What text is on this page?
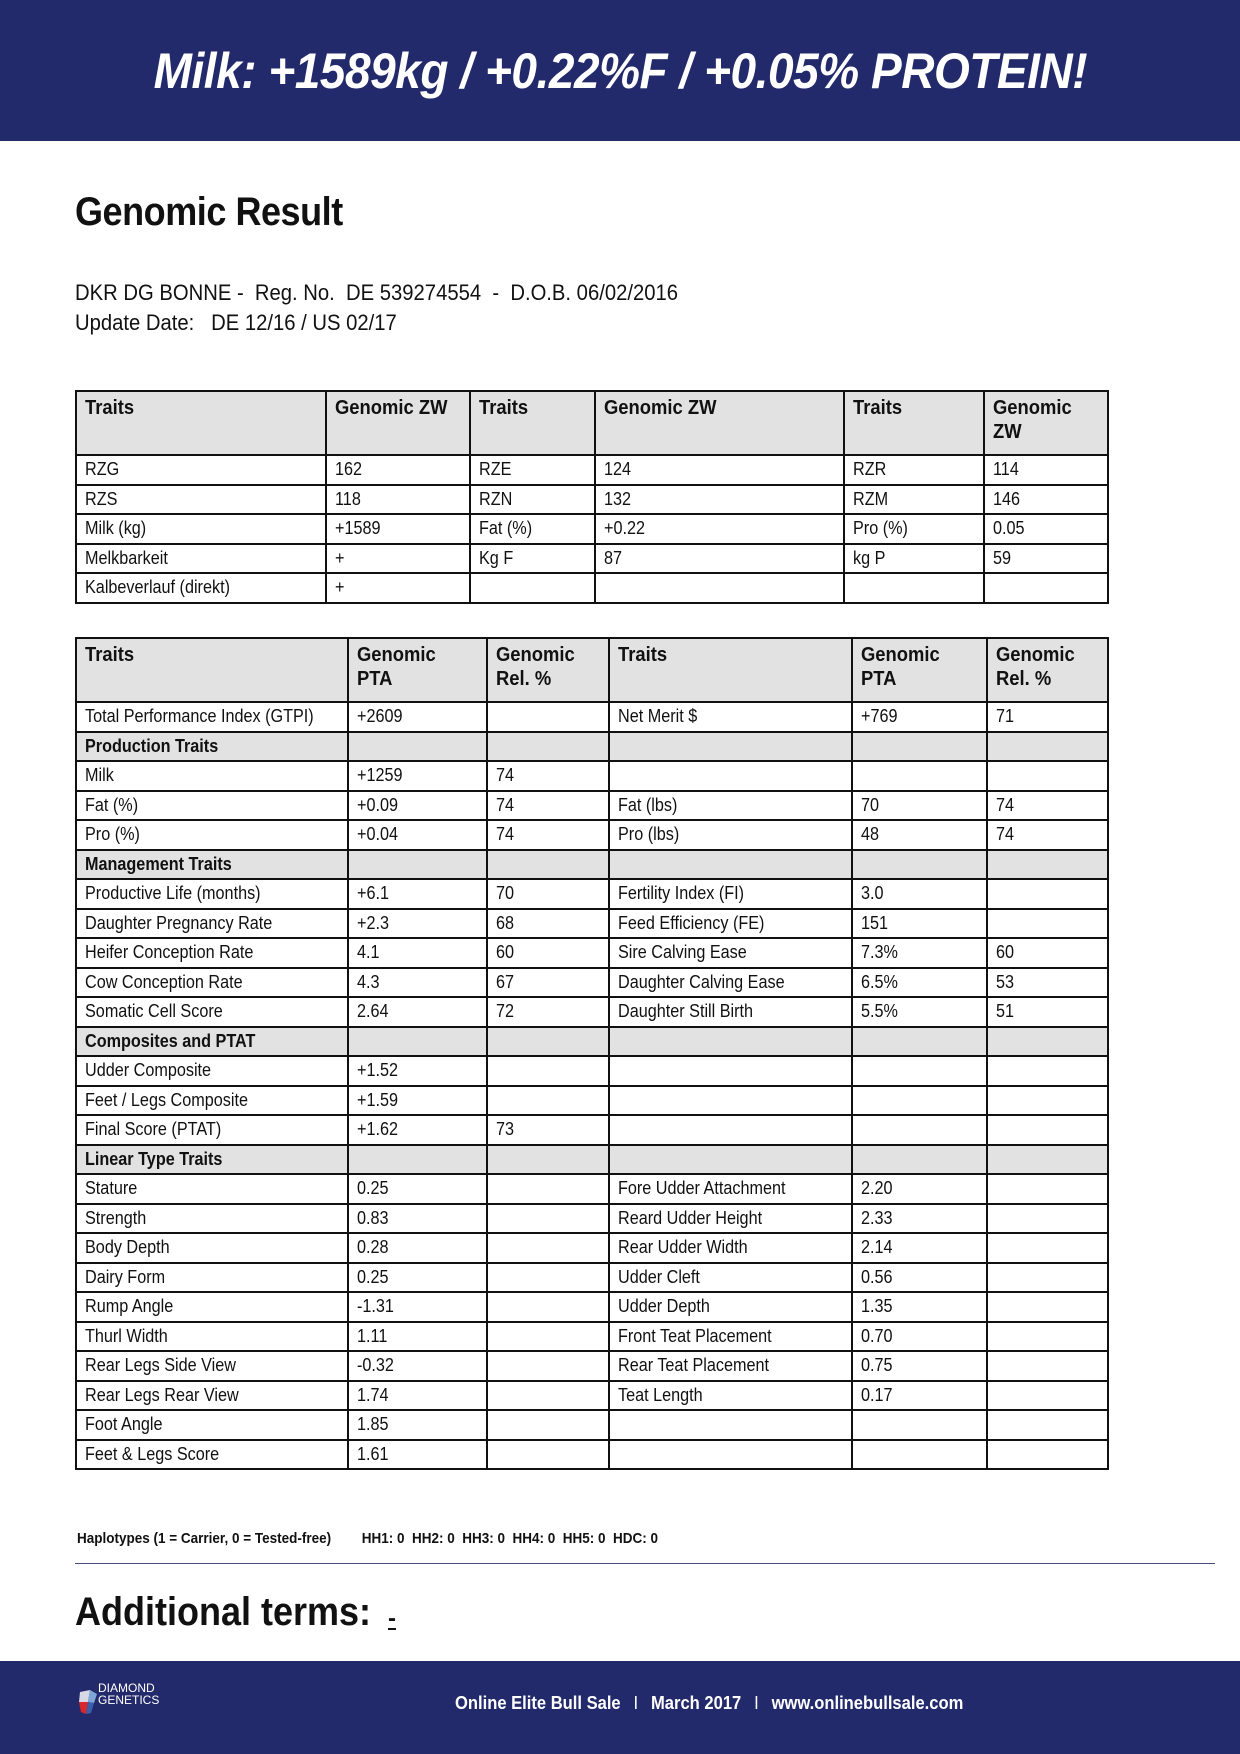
Milk: +1589kg / +0.22%F / +0.05% PROTEIN!
Genomic Result
DKR DG BONNE -  Reg. No.  DE 539274554  -  D.O.B. 06/02/2016
Update Date:   DE 12/16 / US 02/17
Traits	Genomic ZW	Traits	Genomic ZW	Traits	Genomic ZW
RZG	162	RZE	124	RZR	114
RZS	118	RZN	132	RZM	146
Milk (kg)	+1589	Fat (%)	+0.22	Pro (%)	0.05
Melkbarkeit	+	Kg F	87	kg P	59
Kalbeverlauf (direkt)	+				
Traits	Genomic PTA	Genomic Rel. %	Traits	Genomic PTA	Genomic Rel. %
Total Performance Index (GTPI)	+2609		Net Merit $	+769	71
Production Traits					
Milk	+1259	74			
Fat (%)	+0.09	74	Fat (lbs)	70	74
Pro (%)	+0.04	74	Pro (lbs)	48	74
Management Traits					
Productive Life (months)	+6.1	70	Fertility Index (FI)	3.0	
Daughter Pregnancy Rate	+2.3	68	Feed Efficiency (FE)	151	
Heifer Conception Rate	4.1	60	Sire Calving Ease	7.3%	60
Cow Conception Rate	4.3	67	Daughter Calving Ease	6.5%	53
Somatic Cell Score	2.64	72	Daughter Still Birth	5.5%	51
Composites and PTAT					
Udder Composite	+1.52				
Feet / Legs Composite	+1.59				
Final Score (PTAT)	+1.62	73			
Linear Type Traits					
Stature	0.25		Fore Udder Attachment	2.20	
Strength	0.83		Reard Udder Height	2.33	
Body Depth	0.28		Rear Udder Width	2.14	
Dairy Form	0.25		Udder Cleft	0.56	
Rump Angle	-1.31		Udder Depth	1.35	
Thurl Width	1.11		Front Teat Placement	0.70	
Rear Legs Side View	-0.32		Rear Teat Placement	0.75	
Rear Legs Rear View	1.74		Teat Length	0.17	
Foot Angle	1.85				
Feet & Legs Score	1.61				
Haplotypes (1 = Carrier, 0 = Tested-free) HH1: 0  HH2: 0  HH3: 0  HH4: 0  HH5: 0  HDC: 0
Additional terms: -
DIAMOND
GENETICS	Online Elite Bull Sale I March 2017 I www.onlinebullsale.com
